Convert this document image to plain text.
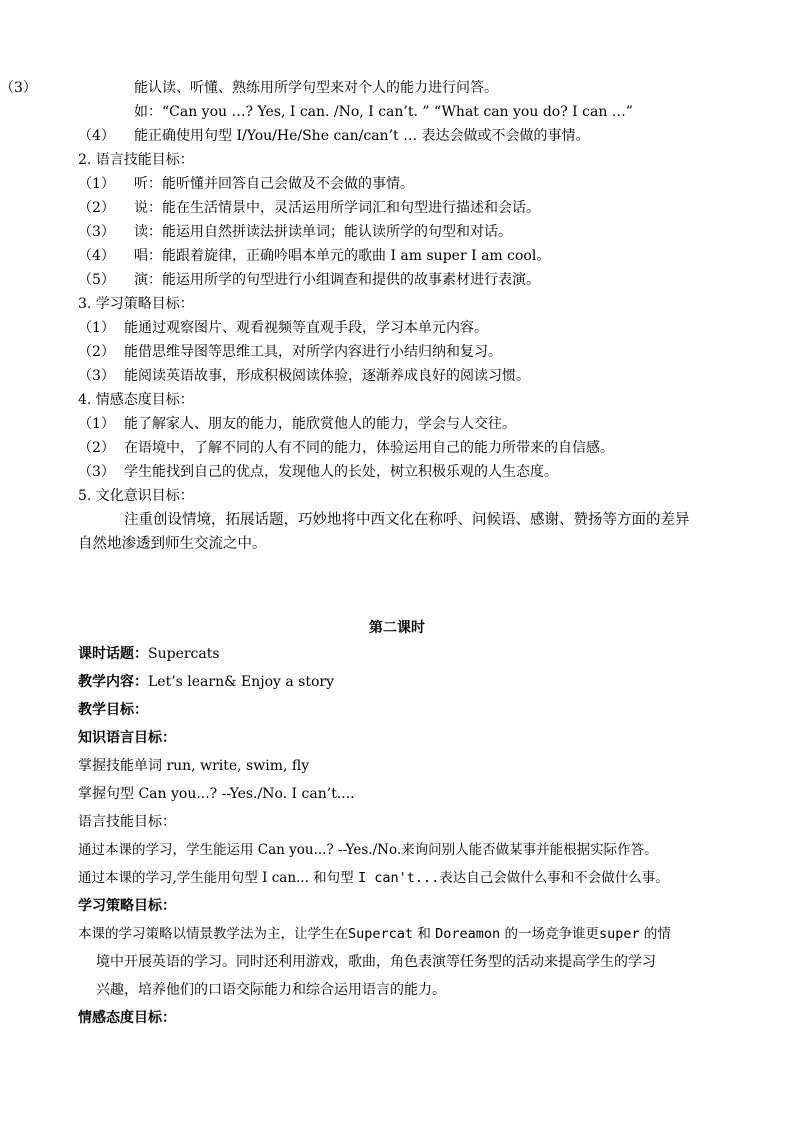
（3）	能认读、听懂、熟练用所学句型来对个人的能力进行问答。
如：“Can you …? Yes, I can. /No, I can’t. ” “What can you do? I can …”
（4） 能正确使用句型 I/You/He/She can/can’t … 表达会做或不会做的事情。
2. 语言技能目标：
（1） 听：能听懂并回答自己会做及不会做的事情。
（2） 说：能在生活情景中，灵活运用所学词汇和句型进行描述和会话。
（3） 读：能运用自然拼读法拼读单词；能认读所学的句型和对话。
（4） 唱：能跟着旋律，正确吟唱本单元的歌曲 I am super I am cool。
（5） 演：能运用所学的句型进行小组调查和提供的故事素材进行表演。
3. 学习策略目标：
（1） 能通过观察图片、观看视频等直观手段，学习本单元内容。
（2） 能借思维导图等思维工具，对所学内容进行小结归纳和复习。
（3） 能阅读英语故事，形成积极阅读体验，逐渐养成良好的阅读习惯。
4. 情感态度目标：
（1） 能了解家人、朋友的能力，能欣赏他人的能力，学会与人交往。
（2） 在语境中，了解不同的人有不同的能力，体验运用自己的能力所带来的自信感。
（3） 学生能找到自己的优点，发现他人的长处，树立积极乐观的人生态度。
5. 文化意识目标：
注重创设情境，拓展话题，巧妙地将中西文化在称呼、问候语、感谢、赞扬等方面的差异
自然地渗透到师生交流之中。
第二课时
课时话题：Supercats
教学内容：Let’s learn& Enjoy a story
教学目标：
知识语言目标：
掌握技能单词 run, write, swim, fly
掌握句型 Can you...? --Yes./No. I can’t....
语言技能目标：
通过本课的学习，学生能运用 Can you...? --Yes./No.来询问别人能否做某事并能根据实际作答。
通过本课的学习,学生能用句型 I can... 和句型 I can't...表达自己会做什么事和不会做什么事。
学习策略目标：
本课的学习策略以情景教学法为主，让学生在Supercat 和 Doreamon 的一场竞争谁更super 的情
境中开展英语的学习。同时还利用游戏，歌曲，角色表演等任务型的活动来提高学生的学习
兴趣，培养他们的口语交际能力和综合运用语言的能力。
情感态度目标：
